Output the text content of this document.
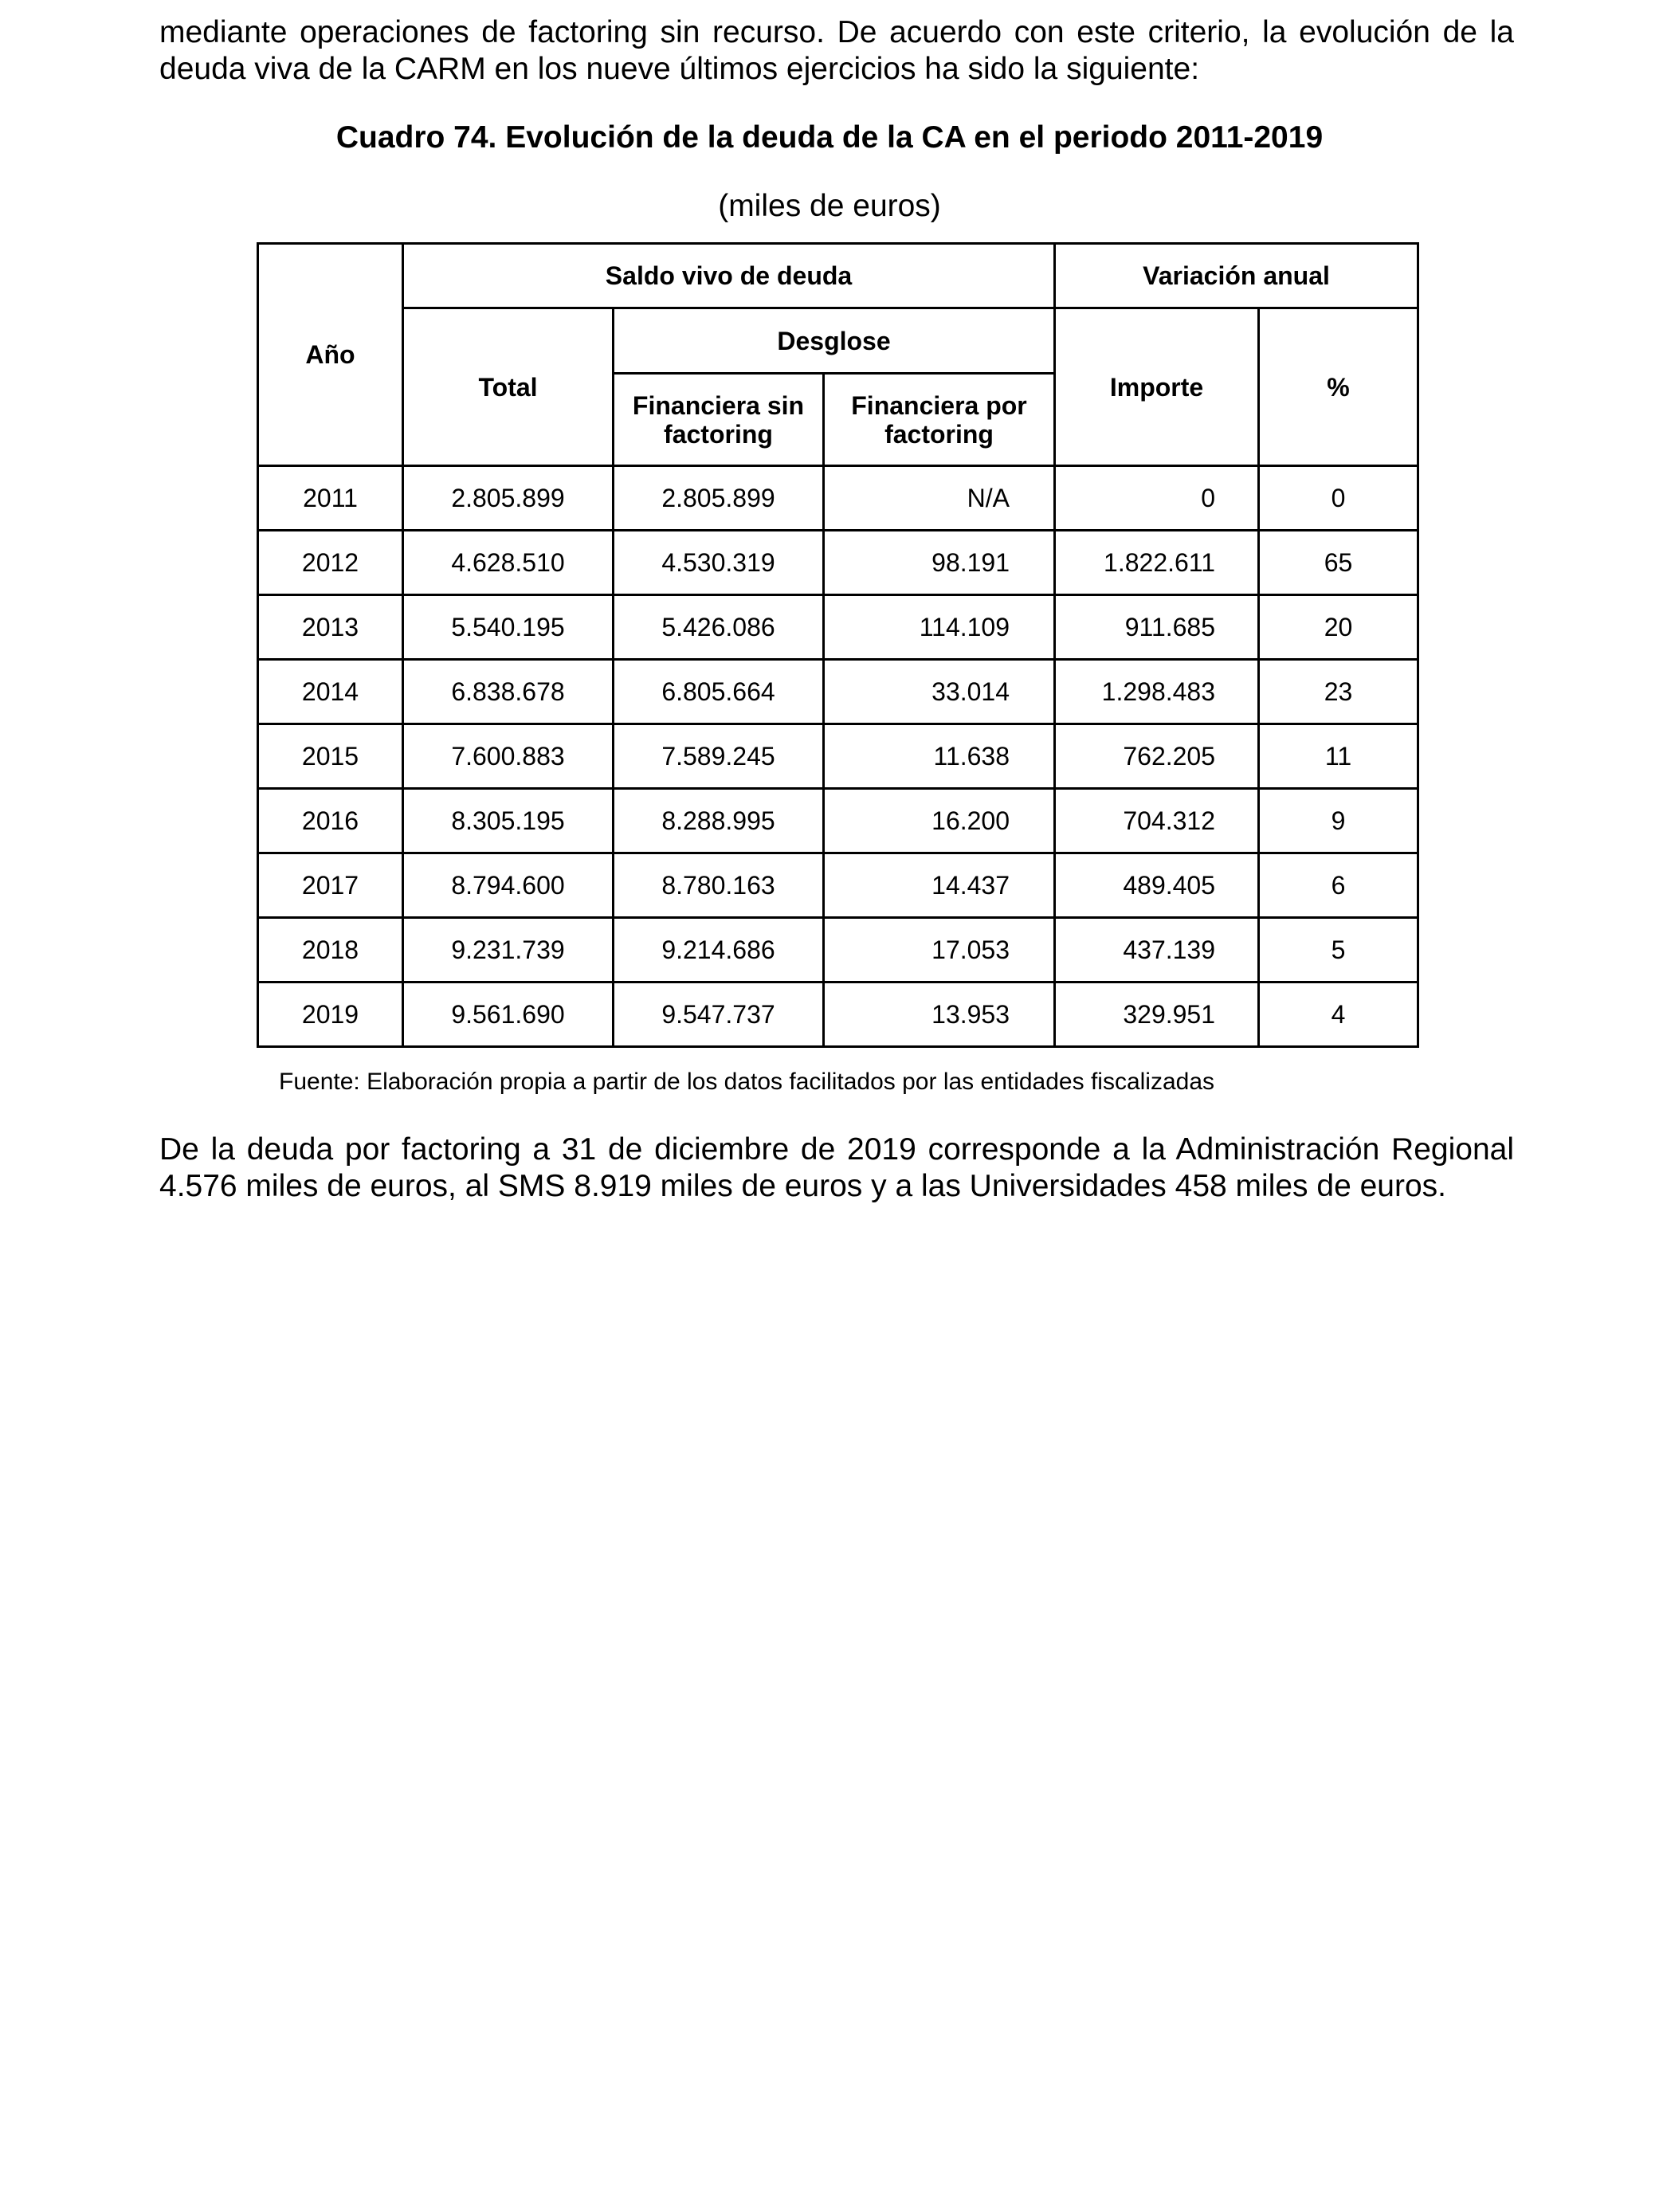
mediante operaciones de factoring sin recurso. De acuerdo con este criterio, la evolución de la
deuda viva de la CARM en los nueve últimos ejercicios ha sido la siguiente:

Cuadro 74. Evolución de la deuda de la CA en el periodo 2011-2019
(miles de euros)
Año	Saldo vivo de deuda			Variación anual	
	Total	Desglose		Importe	%
		Financiera sin factoring	Financiera por factoring		
2011	2.805.899	2.805.899	N/A	0	0
2012	4.628.510	4.530.319	98.191	1.822.611	65
2013	5.540.195	5.426.086	114.109	911.685	20
2014	6.838.678	6.805.664	33.014	1.298.483	23
2015	7.600.883	7.589.245	11.638	762.205	11
2016	8.305.195	8.288.995	16.200	704.312	9
2017	8.794.600	8.780.163	14.437	489.405	6
2018	9.231.739	9.214.686	17.053	437.139	5
2019	9.561.690	9.547.737	13.953	329.951	4
Fuente: Elaboración propia a partir de los datos facilitados por las entidades fiscalizadas

De la deuda por factoring a 31 de diciembre de 2019 corresponde a la Administración Regional
4.576 miles de euros, al SMS 8.919 miles de euros y a las Universidades 458 miles de euros.
